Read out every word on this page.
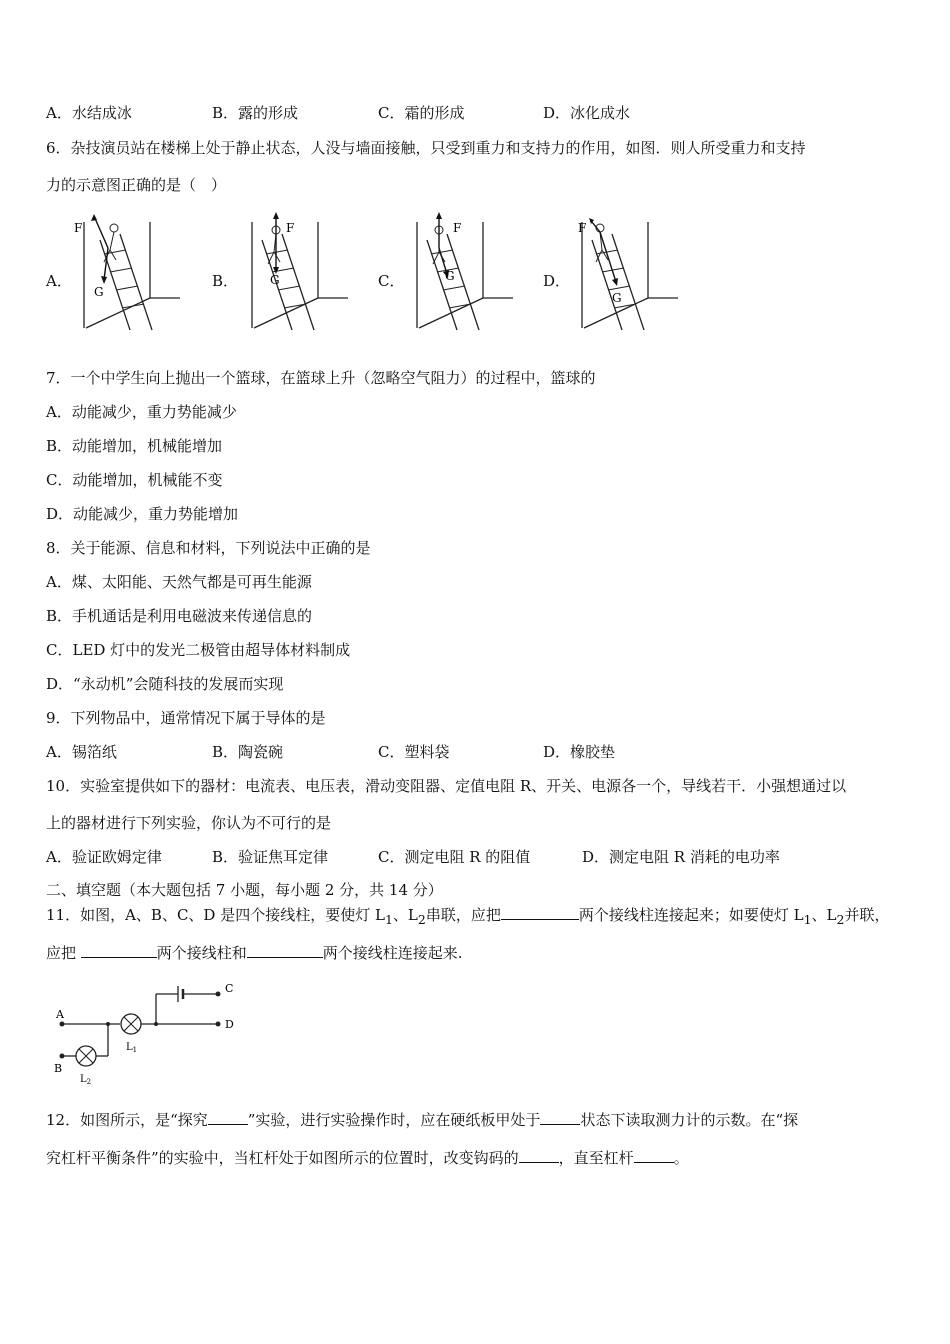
A．水结成冰	B．露的形成	C．霜的形成	D．冰化成水
6．杂技演员站在楼梯上处于静止状态，人没与墙面接触，只受到重力和支持力的作用，如图．则人所受重力和支持
力的示意图正确的是（　）
A．	B．	C．	D．
F
G
F
G
F
G
F
G
7．一个中学生向上抛出一个篮球，在篮球上升（忽略空气阻力）的过程中，篮球的
A．动能减少，重力势能减少
B．动能增加，机械能增加
C．动能增加，机械能不变
D．动能减少，重力势能增加
8．关于能源、信息和材料，下列说法中正确的是
A．煤、太阳能、天然气都是可再生能源
B．手机通话是利用电磁波来传递信息的
C．LED 灯中的发光二极管由超导体材料制成
D．“永动机”会随科技的发展而实现
9．下列物品中，通常情况下属于导体的是
A．锡箔纸	B．陶瓷碗	C．塑料袋	D．橡胶垫
10．实验室提供如下的器材：电流表、电压表，滑动变阻器、定值电阻 R、开关、电源各一个，导线若干．小强想通过以
上的器材进行下列实验，你认为不可行的是
A．验证欧姆定律	B．验证焦耳定律	C．测定电阻 R 的阻值	D．测定电阻 R 消耗的电功率
二、填空题（本大题包括 7 小题，每小题 2 分，共 14 分）
11．如图，A、B、C、D 是四个接线柱，要使灯 $L_1$、$L_2$串联，应把	两个接线柱连接起来；如要使灯 $L_1$、$L_2$并联，
应把	两个接线柱和	两个接线柱连接起来.
A
B
C
D
$L_1$
$L_2$
12．如图所示，是“探究	”实验，进行实验操作时，应在硬纸板甲处于	状态下读取测力计的示数。在“探
究杠杆平衡条件”的实验中，当杠杆处于如图所示的位置时，改变钩码的	，直至杠杆	。
